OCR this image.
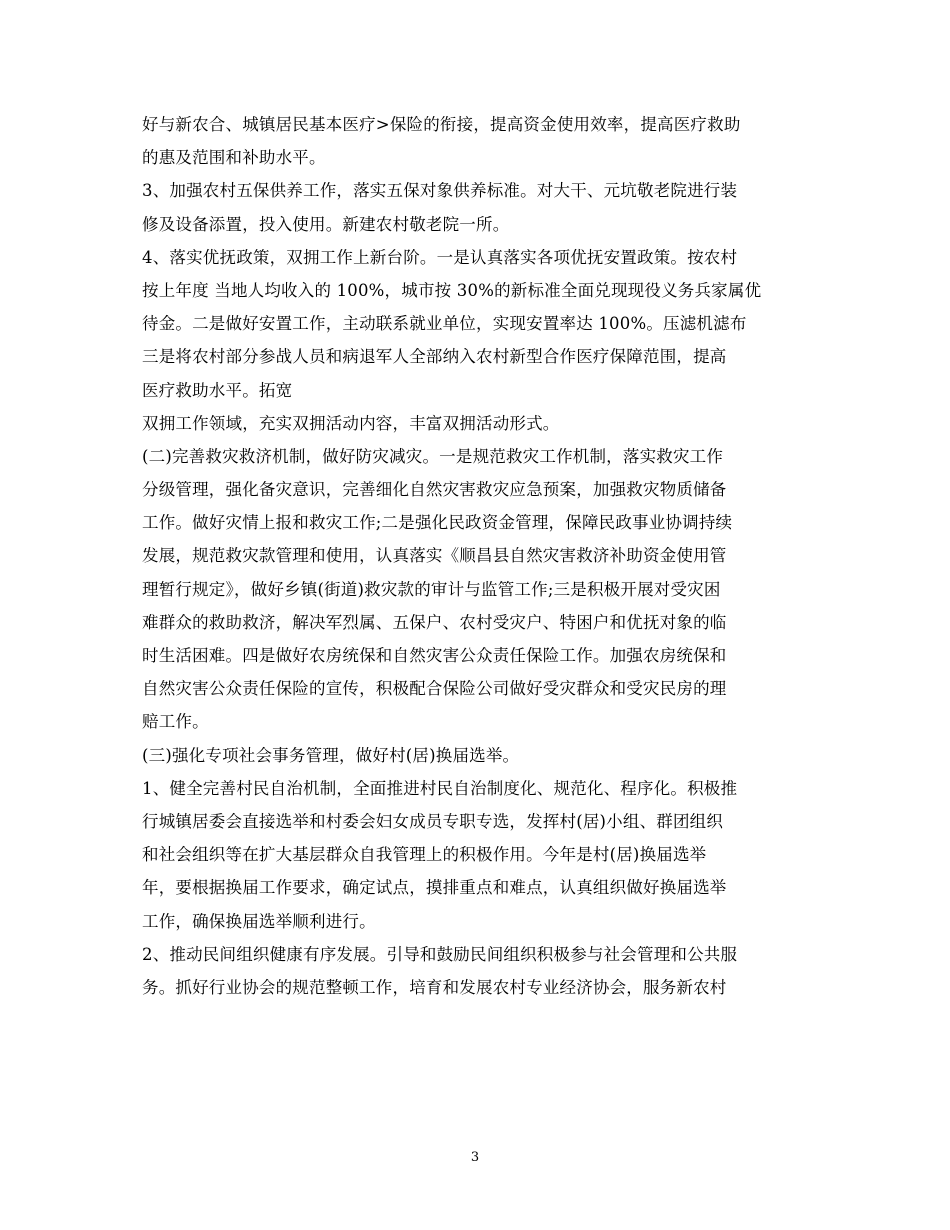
好与新农合、城镇居民基本医疗>保险的衔接，提高资金使用效率，提高医疗救助
的惠及范围和补助水平。
3、加强农村五保供养工作，落实五保对象供养标准。对大干、元坑敬老院进行装
修及设备添置，投入使用。新建农村敬老院一所。
4、落实优抚政策，双拥工作上新台阶。一是认真落实各项优抚安置政策。按农村
按上年度 当地人均收入的 100%，城市按 30%的新标准全面兑现现役义务兵家属优
待金。二是做好安置工作，主动联系就业单位，实现安置率达 100%。压滤机滤布
三是将农村部分参战人员和病退军人全部纳入农村新型合作医疗保障范围，提高
医疗救助水平。拓宽
双拥工作领域，充实双拥活动内容，丰富双拥活动形式。
(二)完善救灾救济机制，做好防灾减灾。一是规范救灾工作机制，落实救灾工作
分级管理，强化备灾意识，完善细化自然灾害救灾应急预案，加强救灾物质储备
工作。做好灾情上报和救灾工作;二是强化民政资金管理，保障民政事业协调持续
发展，规范救灾款管理和使用，认真落实《顺昌县自然灾害救济补助资金使用管
理暂行规定》，做好乡镇(街道)救灾款的审计与监管工作;三是积极开展对受灾困
难群众的救助救济，解决军烈属、五保户、农村受灾户、特困户和优抚对象的临
时生活困难。四是做好农房统保和自然灾害公众责任保险工作。加强农房统保和
自然灾害公众责任保险的宣传，积极配合保险公司做好受灾群众和受灾民房的理
赔工作。
(三)强化专项社会事务管理，做好村(居)换届选举。
1、健全完善村民自治机制，全面推进村民自治制度化、规范化、程序化。积极推
行城镇居委会直接选举和村委会妇女成员专职专选，发挥村(居)小组、群团组织
和社会组织等在扩大基层群众自我管理上的积极作用。今年是村(居)换届选举
年，要根据换届工作要求，确定试点，摸排重点和难点，认真组织做好换届选举
工作，确保换届选举顺利进行。
2、推动民间组织健康有序发展。引导和鼓励民间组织积极参与社会管理和公共服
务。抓好行业协会的规范整顿工作，培育和发展农村专业经济协会，服务新农村
3
